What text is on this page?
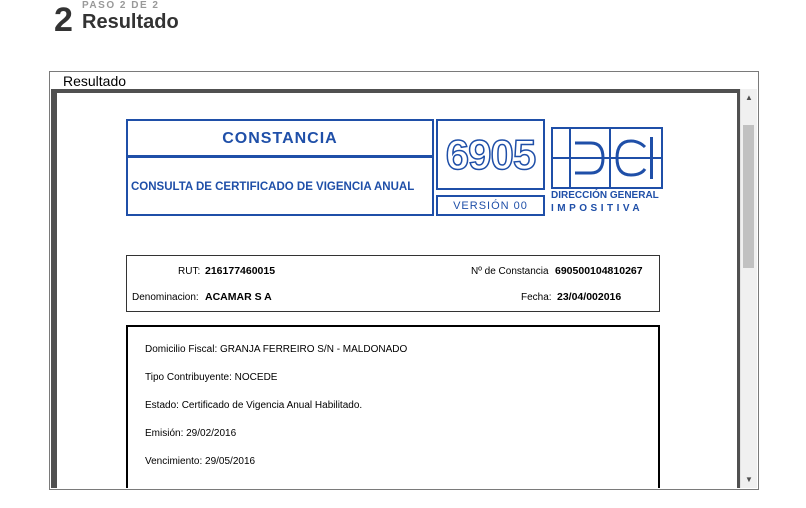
2 PASO 2 DE 2
Resultado
Resultado
CONSTANCIA
CONSULTA DE CERTIFICADO DE VIGENCIA ANUAL
6905
VERSIÓN 00
DIRECCIÓN GENERAL
IMPOSITIVA
RUT: 216177460015	Nº de Constancia 690500104810267
Denominacion: ACAMAR S A	Fecha: 23/04/002016
Domicilio Fiscal: GRANJA FERREIRO S/N - MALDONADO
Tipo Contribuyente: NOCEDE
Estado: Certificado de Vigencia Anual Habilitado.
Emisión: 29/02/2016
Vencimiento: 29/05/2016
▲
▼
